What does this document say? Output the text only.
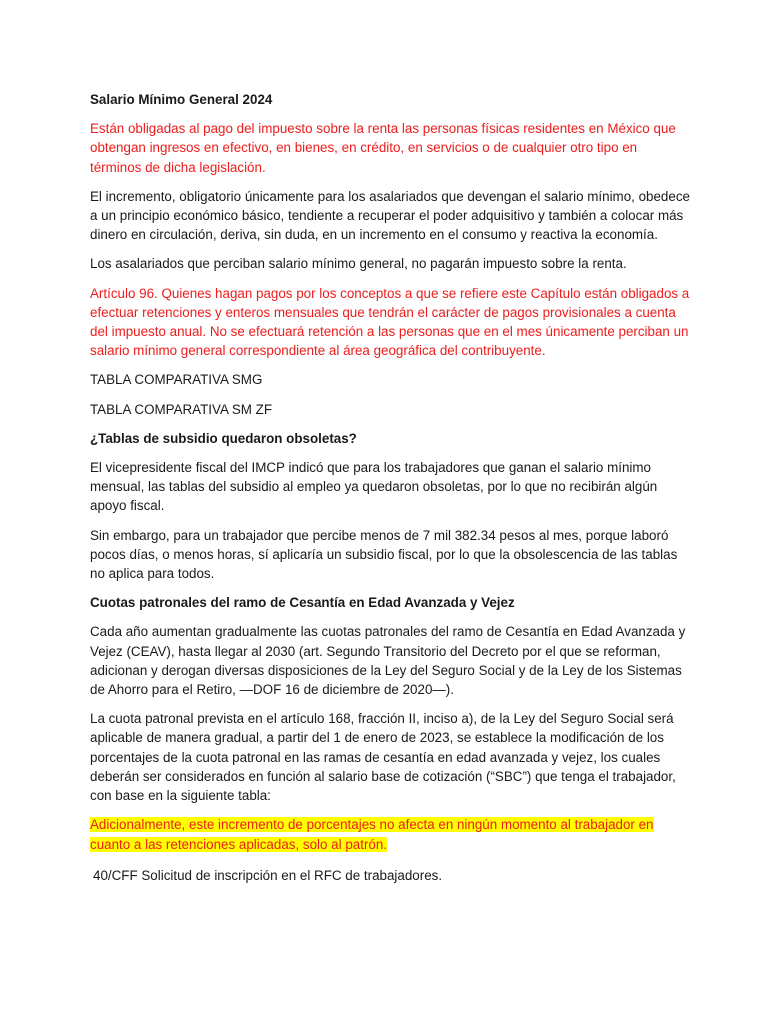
Salario Mínimo General 2024

Están obligadas al pago del impuesto sobre la renta las personas físicas residentes en México que obtengan ingresos en efectivo, en bienes, en crédito, en servicios o de cualquier otro tipo en términos de dicha legislación.

El incremento, obligatorio únicamente para los asalariados que devengan el salario mínimo, obedece a un principio económico básico, tendiente a recuperar el poder adquisitivo y también a colocar más dinero en circulación, deriva, sin duda, en un incremento en el consumo y reactiva la economía.

Los asalariados que perciban salario mínimo general, no pagarán impuesto sobre la renta.

Artículo 96. Quienes hagan pagos por los conceptos a que se refiere este Capítulo están obligados a efectuar retenciones y enteros mensuales que tendrán el carácter de pagos provisionales a cuenta del impuesto anual. No se efectuará retención a las personas que en el mes únicamente perciban un salario mínimo general correspondiente al área geográfica del contribuyente.

TABLA COMPARATIVA SMG

TABLA COMPARATIVA SM ZF

¿Tablas de subsidio quedaron obsoletas?

El vicepresidente fiscal del IMCP indicó que para los trabajadores que ganan el salario mínimo mensual, las tablas del subsidio al empleo ya quedaron obsoletas, por lo que no recibirán algún apoyo fiscal.

Sin embargo, para un trabajador que percibe menos de 7 mil 382.34 pesos al mes, porque laboró pocos días, o menos horas, sí aplicaría un subsidio fiscal, por lo que la obsolescencia de las tablas no aplica para todos.

Cuotas patronales del ramo de Cesantía en Edad Avanzada y Vejez

Cada año aumentan gradualmente las cuotas patronales del ramo de Cesantía en Edad Avanzada y Vejez (CEAV), hasta llegar al 2030 (art. Segundo Transitorio del Decreto por el que se reforman, adicionan y derogan diversas disposiciones de la Ley del Seguro Social y de la Ley de los Sistemas de Ahorro para el Retiro, —DOF 16 de diciembre de 2020—).

La cuota patronal prevista en el artículo 168, fracción II, inciso a), de la Ley del Seguro Social será aplicable de manera gradual, a partir del 1 de enero de 2023, se establece la modificación de los porcentajes de la cuota patronal en las ramas de cesantía en edad avanzada y vejez, los cuales deberán ser considerados en función al salario base de cotización (“SBC”) que tenga el trabajador, con base en la siguiente tabla:

Adicionalmente, este incremento de porcentajes no afecta en ningún momento al trabajador en cuanto a las retenciones aplicadas, solo al patrón.

40/CFF Solicitud de inscripción en el RFC de trabajadores.
